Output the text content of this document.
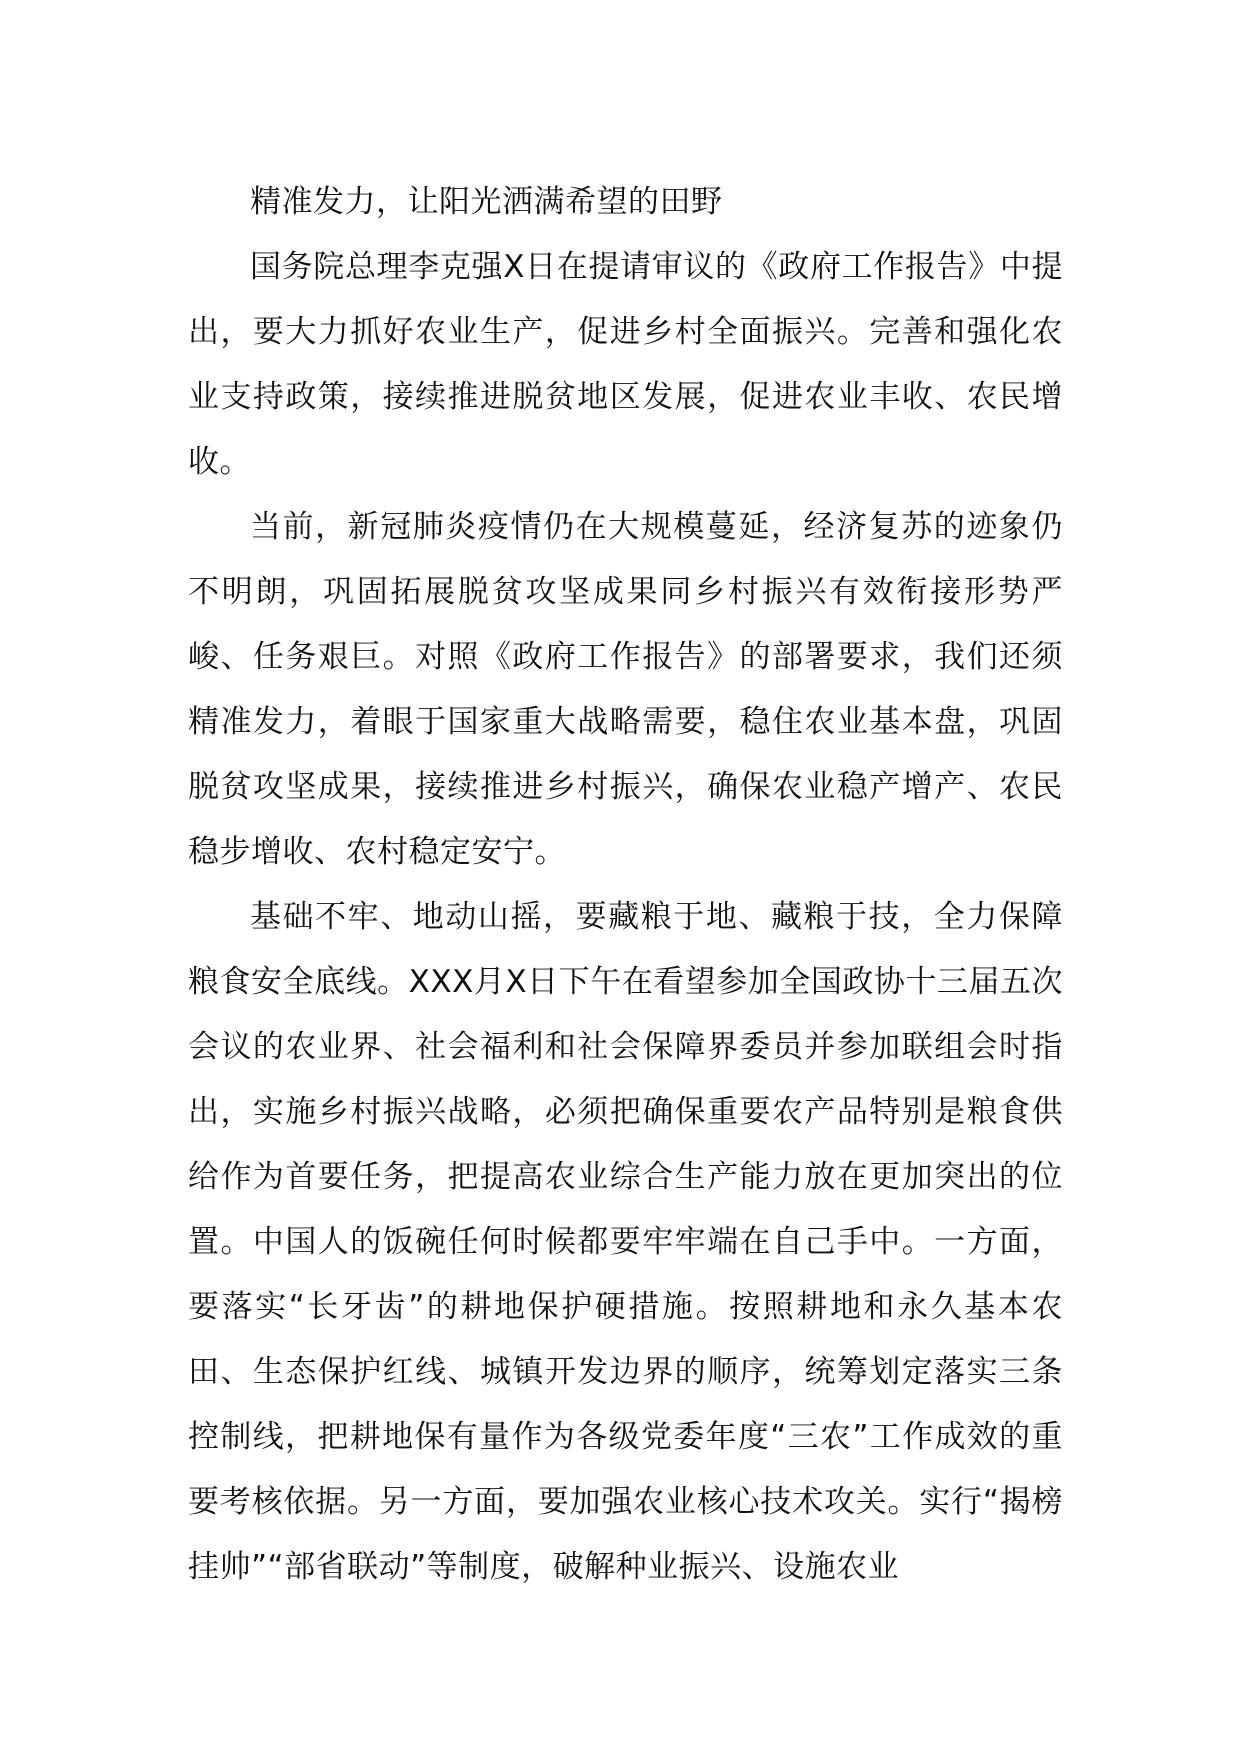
精准发力，让阳光洒满希望的田野

国务院总理李克强X日在提请审议的《政府工作报告》中提出，要大力抓好农业生产，促进乡村全面振兴。完善和强化农业支持政策，接续推进脱贫地区发展，促进农业丰收、农民增收。

当前，新冠肺炎疫情仍在大规模蔓延，经济复苏的迹象仍不明朗，巩固拓展脱贫攻坚成果同乡村振兴有效衔接形势严峻、任务艰巨。对照《政府工作报告》的部署要求，我们还须精准发力，着眼于国家重大战略需要，稳住农业基本盘，巩固脱贫攻坚成果，接续推进乡村振兴，确保农业稳产增产、农民稳步增收、农村稳定安宁。

基础不牢、地动山摇，要藏粮于地、藏粮于技，全力保障粮食安全底线。XXX月X日下午在看望参加全国政协十三届五次会议的农业界、社会福利和社会保障界委员并参加联组会时指出，实施乡村振兴战略，必须把确保重要农产品特别是粮食供给作为首要任务，把提高农业综合生产能力放在更加突出的位置。中国人的饭碗任何时候都要牢牢端在自己手中。一方面，要落实“长牙齿”的耕地保护硬措施。按照耕地和永久基本农田、生态保护红线、城镇开发边界的顺序，统筹划定落实三条控制线，把耕地保有量作为各级党委年度“三农”工作成效的重要考核依据。另一方面，要加强农业核心技术攻关。实行“揭榜挂帅”“部省联动”等制度，破解种业振兴、设施农业
